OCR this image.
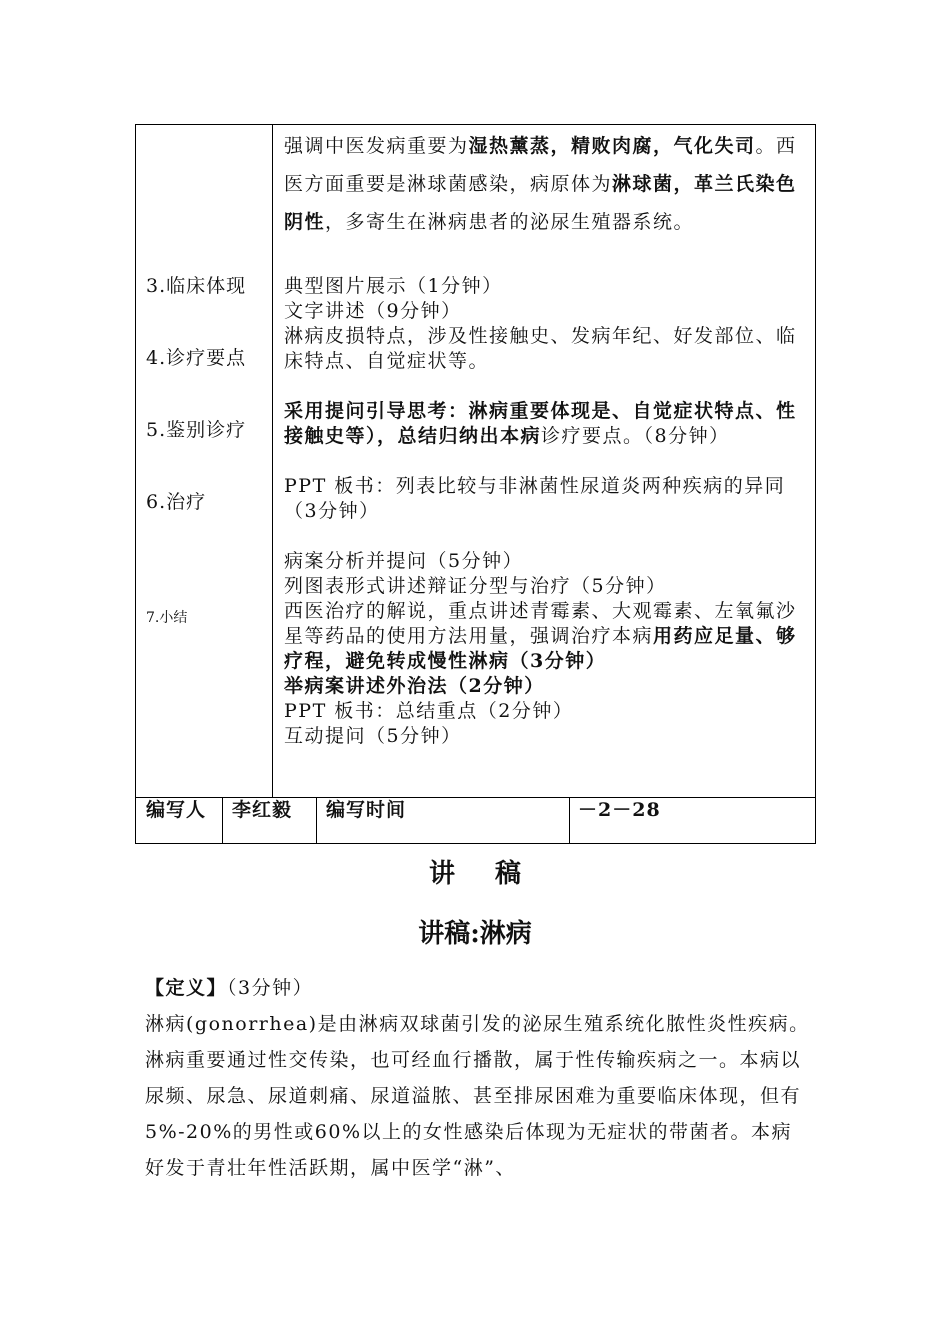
3.临床体现
4.诊疗要点
5.鉴别诊疗
6.治疗
7.小结
强调中医发病重要为湿热薰蒸，精败肉腐，气化失司。西医方面重要是淋球菌感染，病原体为淋球菌，革兰氏染色阴性，多寄生在淋病患者的泌尿生殖器系统。

典型图片展示（1分钟）

文字讲述（9分钟）

淋病皮损特点，涉及性接触史、发病年纪、好发部位、临床特点、自觉症状等。

采用提问引导思考：淋病重要体现是、自觉症状特点、性接触史等），总结归纳出本病诊疗要点。（8分钟）

PPT 板书：列表比较与非淋菌性尿道炎两种疾病的异同（3分钟）

病案分析并提问（5分钟）

列图表形式讲述辩证分型与治疗（5分钟）

西医治疗的解说，重点讲述青霉素、大观霉素、左氧氟沙星等药品的使用方法用量，强调治疗本病用药应足量、够疗程，避免转成慢性淋病（3分钟）

举病案讲述外治法（2分钟）

PPT 板书：总结重点（2分钟）

互动提问（5分钟）

编写人 李红毅 编写时间	－2－28
讲稿
讲稿:淋病

【定义】（3分钟）

淋病(gonorrhea)是由淋病双球菌引发的泌尿生殖系统化脓性炎性疾病。淋病重要通过性交传染，也可经血行播散，属于性传输疾病之一。本病以尿频、尿急、尿道刺痛、尿道溢脓、甚至排尿困难为重要临床体现，但有5%-20%的男性或60%以上的女性感染后体现为无症状的带菌者。本病好发于青壮年性活跃期，属中医学“淋”、
